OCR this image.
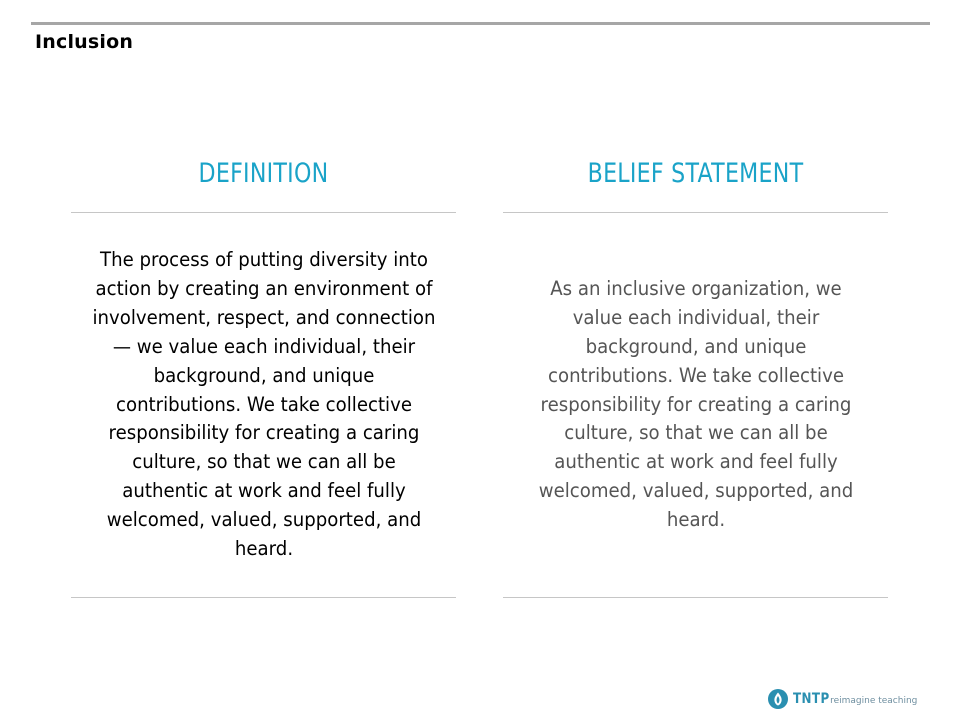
Inclusion
DEFINITION

The process of putting diversity into action by creating an environment of involvement, respect, and connection — we value each individual, their background, and unique contributions. We take collective responsibility for creating a caring culture, so that we can all be authentic at work and feel fully welcomed, valued, supported, and heard.

BELIEF STATEMENT

As an inclusive organization, we value each individual, their background, and unique contributions. We take collective responsibility for creating a caring culture, so that we can all be authentic at work and feel fully welcomed, valued, supported, and heard.

TNTP reimagine teaching
